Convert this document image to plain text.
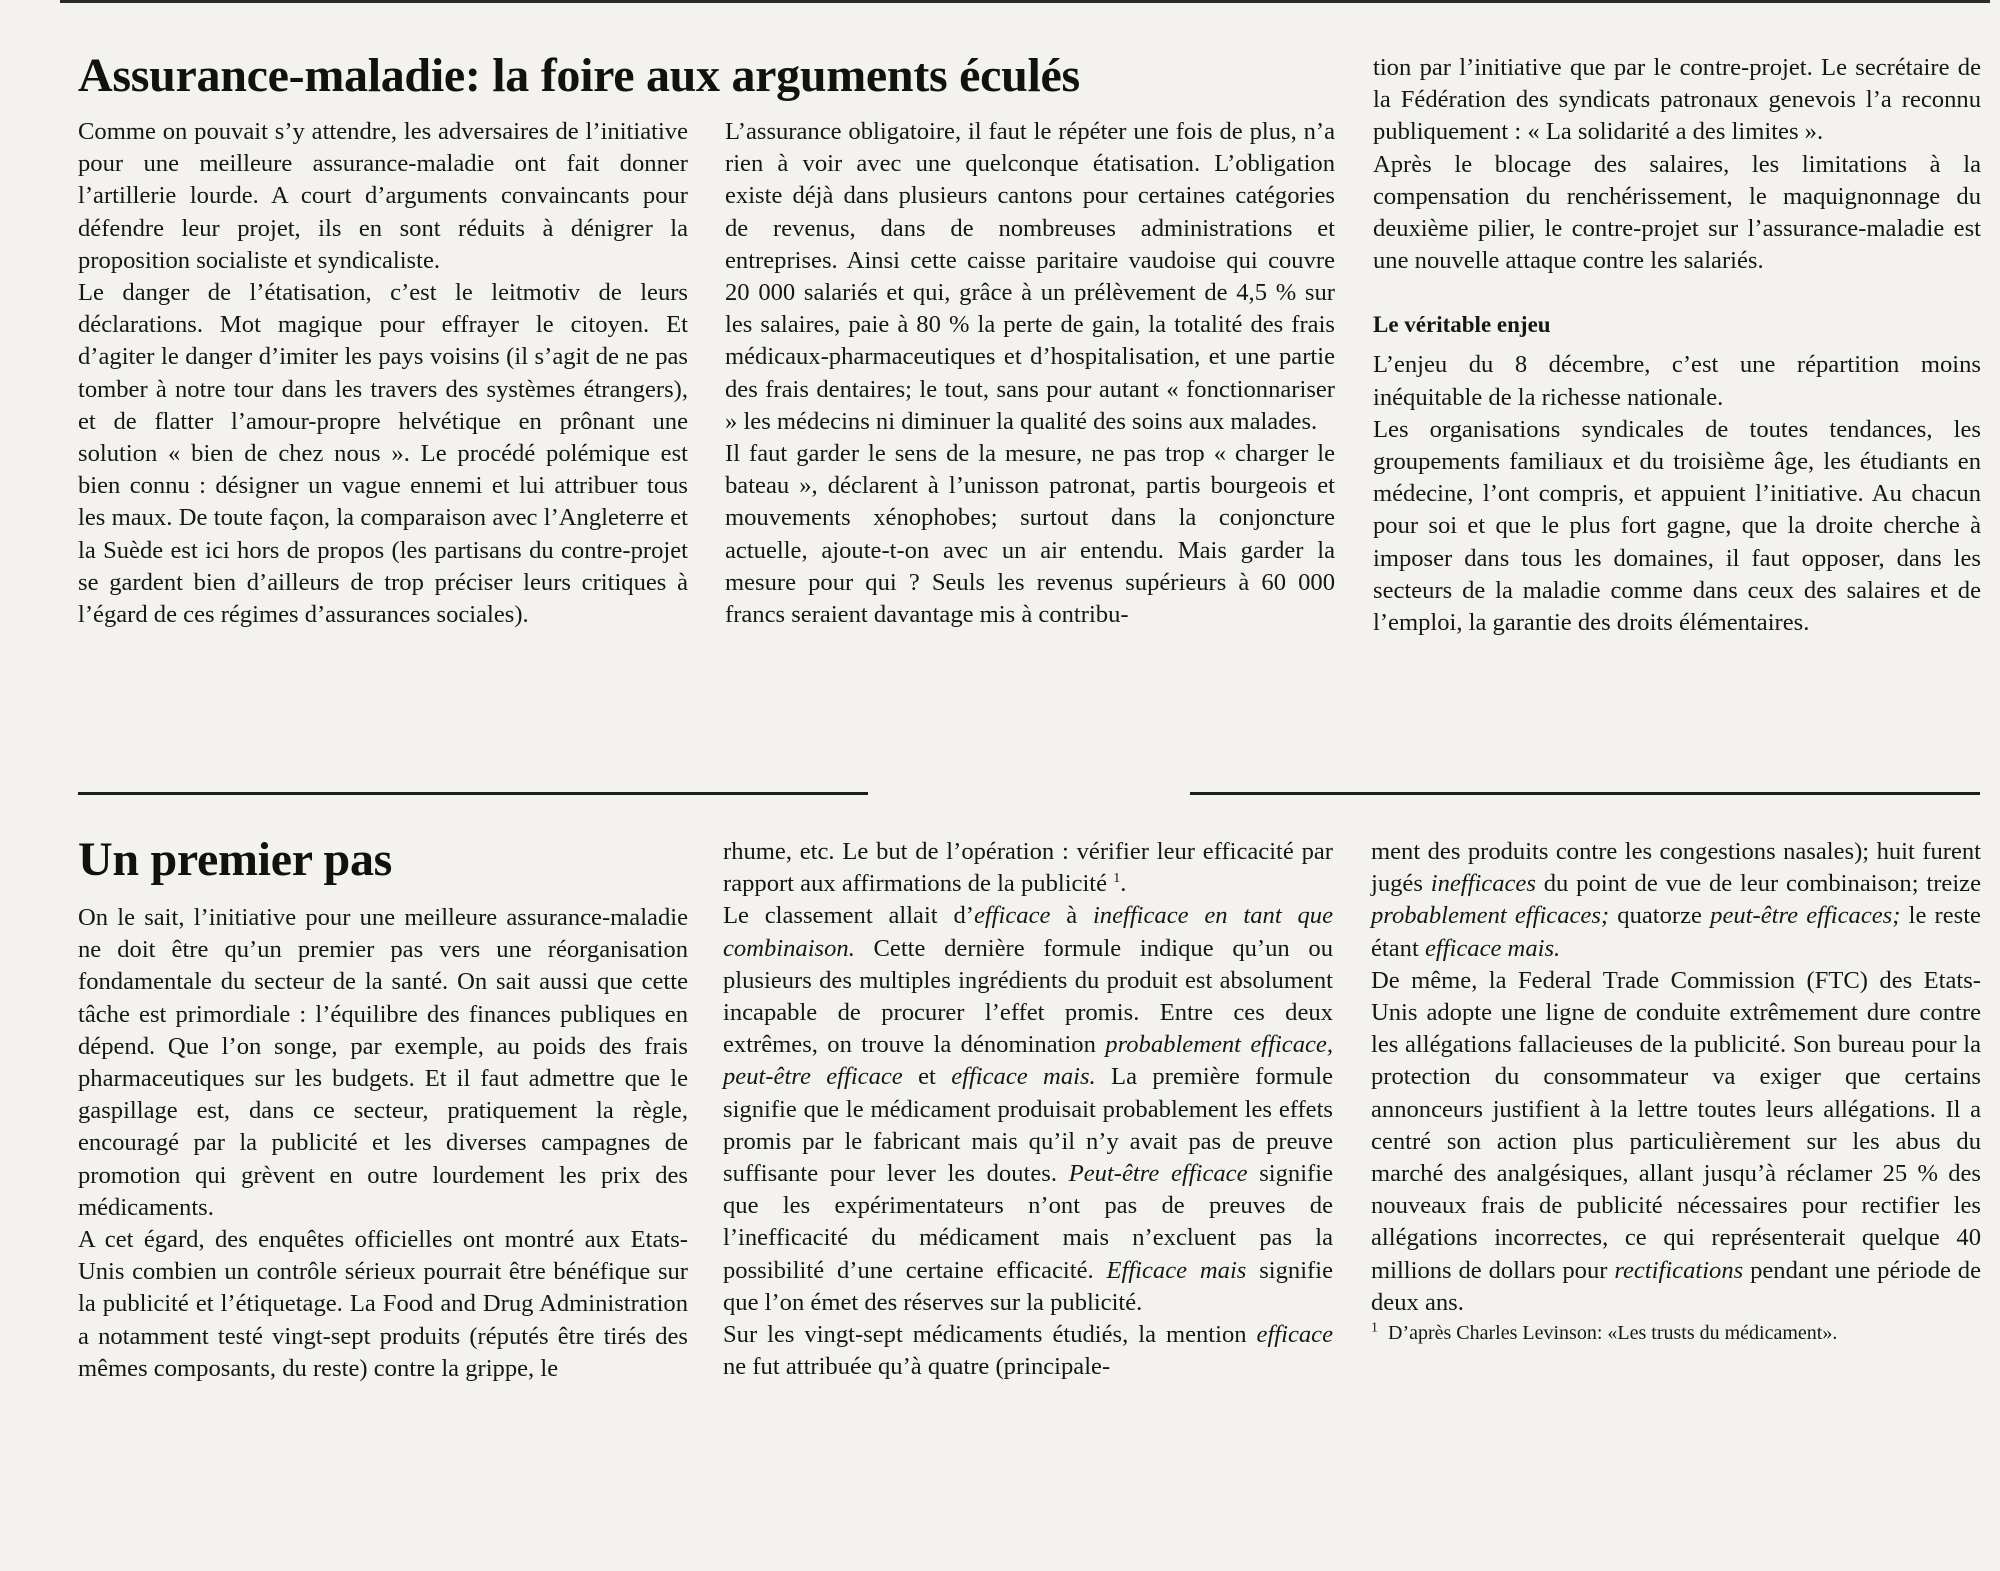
Assurance-maladie: la foire aux arguments éculés

Comme on pouvait s’y attendre, les adversaires de l’initiative pour une meilleure assurance-maladie ont fait donner l’artillerie lourde. A court d’arguments convaincants pour défendre leur projet, ils en sont réduits à dénigrer la proposition socialiste et syndicaliste.

Le danger de l’étatisation, c’est le leitmotiv de leurs déclarations. Mot magique pour effrayer le citoyen. Et d’agiter le danger d’imiter les pays voisins (il s’agit de ne pas tomber à notre tour dans les travers des systèmes étrangers), et de flatter l’amour-propre helvétique en prônant une solution « bien de chez nous ». Le procédé polémique est bien connu : désigner un vague ennemi et lui attribuer tous les maux. De toute façon, la comparaison avec l’Angleterre et la Suède est ici hors de propos (les partisans du contre-projet se gardent bien d’ailleurs de trop préciser leurs critiques à l’égard de ces régimes d’assurances sociales).

L’assurance obligatoire, il faut le répéter une fois de plus, n’a rien à voir avec une quelconque étatisation. L’obligation existe déjà dans plusieurs cantons pour certaines catégories de revenus, dans de nombreuses administrations et entreprises. Ainsi cette caisse paritaire vaudoise qui couvre 20 000 salariés et qui, grâce à un prélèvement de 4,5 % sur les salaires, paie à 80 % la perte de gain, la totalité des frais médicaux-pharmaceutiques et d’hospitalisation, et une partie des frais dentaires; le tout, sans pour autant « fonctionnariser » les médecins ni diminuer la qualité des soins aux malades.

Il faut garder le sens de la mesure, ne pas trop « charger le bateau », déclarent à l’unisson patronat, partis bourgeois et mouvements xénophobes; surtout dans la conjoncture actuelle, ajoute-t-on avec un air entendu. Mais garder la mesure pour qui ? Seuls les revenus supérieurs à 60 000 francs seraient davantage mis à contribu-

tion par l’initiative que par le contre-projet. Le secrétaire de la Fédération des syndicats patronaux genevois l’a reconnu publiquement : « La solidarité a des limites ».

Après le blocage des salaires, les limitations à la compensation du renchérissement, le maquignonnage du deuxième pilier, le contre-projet sur l’assurance-maladie est une nouvelle attaque contre les salariés.

Le véritable enjeu

L’enjeu du 8 décembre, c’est une répartition moins inéquitable de la richesse nationale.

Les organisations syndicales de toutes tendances, les groupements familiaux et du troisième âge, les étudiants en médecine, l’ont compris, et appuient l’initiative. Au chacun pour soi et que le plus fort gagne, que la droite cherche à imposer dans tous les domaines, il faut opposer, dans les secteurs de la maladie comme dans ceux des salaires et de l’emploi, la garantie des droits élémentaires.

Un premier pas

On le sait, l’initiative pour une meilleure assurance-maladie ne doit être qu’un premier pas vers une réorganisation fondamentale du secteur de la santé. On sait aussi que cette tâche est primordiale : l’équilibre des finances publiques en dépend. Que l’on songe, par exemple, au poids des frais pharmaceutiques sur les budgets. Et il faut admettre que le gaspillage est, dans ce secteur, pratiquement la règle, encouragé par la publicité et les diverses campagnes de promotion qui grèvent en outre lourdement les prix des médicaments.

A cet égard, des enquêtes officielles ont montré aux Etats-Unis combien un contrôle sérieux pourrait être bénéfique sur la publicité et l’étiquetage. La Food and Drug Administration a notamment testé vingt-sept produits (réputés être tirés des mêmes composants, du reste) contre la grippe, le

rhume, etc. Le but de l’opération : vérifier leur efficacité par rapport aux affirmations de la publicité $^1$.

Le classement allait d’efficace à inefficace en tant que combinaison. Cette dernière formule indique qu’un ou plusieurs des multiples ingrédients du produit est absolument incapable de procurer l’effet promis. Entre ces deux extrêmes, on trouve la dénomination probablement efficace, peut-être efficace et efficace mais. La première formule signifie que le médicament produisait probablement les effets promis par le fabricant mais qu’il n’y avait pas de preuve suffisante pour lever les doutes. Peut-être efficace signifie que les expérimentateurs n’ont pas de preuves de l’inefficacité du médicament mais n’excluent pas la possibilité d’une certaine efficacité. Efficace mais signifie que l’on émet des réserves sur la publicité.

Sur les vingt-sept médicaments étudiés, la mention efficace ne fut attribuée qu’à quatre (principale-

ment des produits contre les congestions nasales); huit furent jugés inefficaces du point de vue de leur combinaison; treize probablement efficaces; quatorze peut-être efficaces; le reste étant efficace mais.

De même, la Federal Trade Commission (FTC) des Etats-Unis adopte une ligne de conduite extrêmement dure contre les allégations fallacieuses de la publicité. Son bureau pour la protection du consommateur va exiger que certains annonceurs justifient à la lettre toutes leurs allégations. Il a centré son action plus particulièrement sur les abus du marché des analgésiques, allant jusqu’à réclamer 25 % des nouveaux frais de publicité nécessaires pour rectifier les allégations incorrectes, ce qui représenterait quelque 40 millions de dollars pour rectifications pendant une période de deux ans.

$^1$ D’après Charles Levinson: «Les trusts du médicament».
